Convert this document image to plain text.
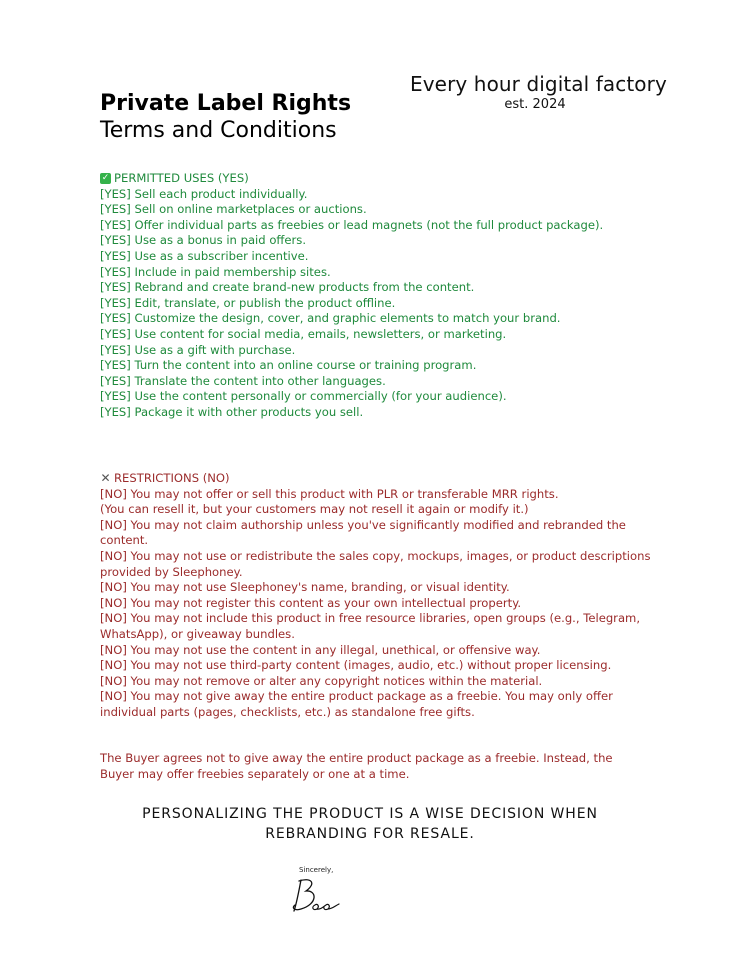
Every hour digital factory
est. 2024
Private Label Rights
Terms and Conditions
✓ PERMITTED USES (YES)
[YES] Sell each product individually.
[YES] Sell on online marketplaces or auctions.
[YES] Offer individual parts as freebies or lead magnets (not the full product package).
[YES] Use as a bonus in paid offers.
[YES] Use as a subscriber incentive.
[YES] Include in paid membership sites.
[YES] Rebrand and create brand-new products from the content.
[YES] Edit, translate, or publish the product offline.
[YES] Customize the design, cover, and graphic elements to match your brand.
[YES] Use content for social media, emails, newsletters, or marketing.
[YES] Use as a gift with purchase.
[YES] Turn the content into an online course or training program.
[YES] Translate the content into other languages.
[YES] Use the content personally or commercially (for your audience).
[YES] Package it with other products you sell.

✕ RESTRICTIONS (NO)
[NO] You may not offer or sell this product with PLR or transferable MRR rights.
(You can resell it, but your customers may not resell it again or modify it.)
[NO] You may not claim authorship unless you've significantly modified and rebranded the content.
[NO] You may not use or redistribute the sales copy, mockups, images, or product descriptions provided by Sleephoney.
[NO] You may not use Sleephoney's name, branding, or visual identity.
[NO] You may not register this content as your own intellectual property.
[NO] You may not include this product in free resource libraries, open groups (e.g., Telegram, WhatsApp), or giveaway bundles.
[NO] You may not use the content in any illegal, unethical, or offensive way.
[NO] You may not use third-party content (images, audio, etc.) without proper licensing.
[NO] You may not remove or alter any copyright notices within the material.
[NO] You may not give away the entire product package as a freebie. You may only offer individual parts (pages, checklists, etc.) as standalone free gifts.
The Buyer agrees not to give away the entire product package as a freebie. Instead, the Buyer may offer freebies separately or one at a time.
PERSONALIZING THE PRODUCT IS A WISE DECISION WHEN REBRANDING FOR RESALE.
Sincerely,
